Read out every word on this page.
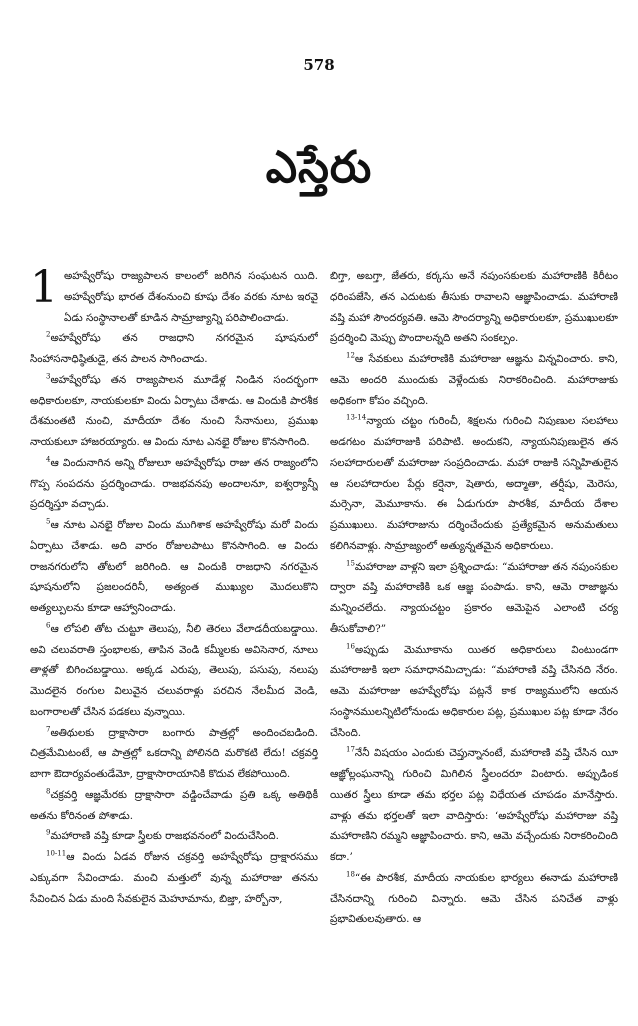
578
ఎస్తేరు

1 అహష్వేరోషు రాజ్యపాలన కాలంలో జరిగిన సంఘటన యిది. అహష్వేరోషు భారత దేశంనుంచి కూషు దేశం వరకు నూట ఇరవై ఏడు సంస్థానాలతో కూడిన సామ్రాజ్యాన్ని పరిపాలించాడు.

$^2$అహష్వేరోషు తన రాజధాని నగరమైన షూషనులో సింహాసనాధిష్ఠితుడై, తన పాలన సాగించాడు.

$^3$అహష్వేరోషు తన రాజ్యపాలన మూడేళ్ల నిండిన సందర్భంగా అధికారులకూ, నాయకులకూ విందు ఏర్పాటు చేశాడు. ఆ విందుకి పారశీక దేశమంతటి నుంచి, మాదీయా దేశం నుంచి సేనానులు, ప్రముఖ నాయకులూ హాజరయ్యారు. ఆ విందు నూట ఎనభై రోజుల కొనసాగింది.

$^4$ఆ విందునాగిన అన్ని రోజులూ అహష్వేరోషు రాజు తన రాజ్యంలోని గొప్ప సంపదను ప్రదర్శించాడు. రాజభవనపు అందాలనూ, ఐశ్వర్యాన్నీ ప్రదర్శిస్తూ వచ్చాడు.

$^5$ఆ నూట ఎనభై రోజుల విందు ముగిశాక అహష్వేరోషు మరో విందు ఏర్పాటు చేశాడు. అది వారం రోజులపాటు కొనసాగింది. ఆ విందు రాజనగరులోని తోటలో జరిగింది. ఆ విందుకి రాజధాని నగరమైన షూషనులోని ప్రజలందరినీ, అత్యంత ముఖ్యుల మొదలుకొని అత్యల్పులను కూడా ఆహ్వానించాడు.

$^6$ఆ లోపలి తోట చుట్టూ తెలుపు, నీలి తెరలు వేలాడదీయబడ్డాయి. అవి చలువరాతి స్తంభాలకు, తాపిన వెండి కమ్మీలకు అవిసెనార, నూలు తాళ్లతో బిగించబడ్డాయి. అక్కడ ఎరుపు, తెలుపు, పసుపు, నలుపు మొదలైన రంగుల విలువైన చలువరాళ్లు పరచిన నేలమీద వెండి, బంగారాలతో చేసిన పడకలు వున్నాయి.

$^7$అతిథులకు ద్రాక్షాసారా బంగారు పాత్రల్లో అందించబడింది. చిత్రమేమిటంటే, ఆ పాత్రల్లో ఒకదాన్ని పోలినది మరొకటి లేదు! చక్రవర్తి బాగా ఔదార్యవంతుడేమో, ద్రాక్షాసారాయానికి కొదువ లేకపోయింది.

$^8$చక్రవర్తి ఆజ్ఞమేరకు ద్రాక్షాసారా వడ్డించేవాడు ప్రతి ఒక్క అతిథికీ అతను కోరినంత పోశాడు.

$^9$మహారాణి వష్తి కూడా స్త్రీలకు రాజభవనంలో విందుచేసింది.

$^{10-11}$ఆ విందు ఏడవ రోజున చక్రవర్తి అహష్వేరోషు ద్రాక్షారసము ఎక్కువగా సేవించాడు. మంచి మత్తులో వున్న మహారాజు తనను సేవించిన ఏడు మంది సేవకులైన మెహూమాను, బిజ్తా, హర్బోనా,

బిగ్తా, అబగ్తా, జేతరు, కర్కసు అనే నపుంసకులకు మహారాణికి కిరీటం ధరింపజేసి, తన ఎదుటకు తీసుకు రావాలని ఆజ్ఞాపించాడు. మహారాణి వష్తి మహా సౌందర్యవతి. ఆమె సౌందర్యాన్ని అధికారులకూ, ప్రముఖులకూ ప్రదర్శించి మెప్పు పొందాలన్నది అతని సంకల్పం.

$^{12}$ఆ సేవకులు మహారాణికి మహారాజు ఆజ్ఞను విన్నవించారు. కాని, ఆమె అందరి ముందుకు వెళ్లేందుకు నిరాకరించింది. మహారాజుకు అధికంగా కోపం వచ్చింది.

$^{13-14}$న్యాయ చట్టం గురించీ, శిక్షలను గురించి నిపుణుల సలహాలు అడగటం మహారాజుకి పరిపాటి. అందుకని, న్యాయనిపుణులైన తన సలహాదారులతో మహారాజు సంప్రదించాడు. మహా రాజుకి సన్నిహితులైన ఆ సలహాదారుల పేర్లు కర్షెనా, షెతారు, అద్మాతా, తర్షీషు, మెరెసు, మర్సెనా, మెమూకాను. ఈ ఏడుగురూ పారశీక, మాదీయ దేశాల ప్రముఖులు. మహారాజును దర్శించేందుకు ప్రత్యేకమైన అనుమతులు కలిగినవాళ్లు. సామ్రాజ్యంలో అత్యున్నతమైన అధికారులు.

$^{15}$మహారాజు వాళ్లని ఇలా ప్రశ్నించాడు: “మహారాజు తన నపుంసకుల ద్వారా వష్తి మహారాణికి ఒక ఆజ్ఞ పంపాడు. కాని, ఆమె రాజాజ్ఞను మన్నించలేదు. న్యాయచట్టం ప్రకారం ఆమెపైన ఎలాంటి చర్య తీసుకోవాలి?”

$^{16}$అప్పుడు మెమూకాను యితర అధికారులు వింటుండగా మహారాజుకి ఇలా సమాధానమిచ్చాడు: “మహారాణి వష్తి చేసినది నేరం. ఆమె మహారాజు అహష్వేరోషు పట్లనే కాక రాజ్యములోని ఆయన సంస్థానములన్నిటిలోనుండు అధికారుల పట్ల, ప్రముఖుల పట్ల కూడా నేరం చేసింది.

$^{17}$నేనీ విషయం ఎందుకు చెప్తున్నానంటే, మహారాణి వష్తి చేసిన యీ ఆజ్ఞోల్లంఘనాన్ని గురించి మిగిలిన స్త్రీలందరూ వింటారు. అప్పుడింక యితర స్త్రీలు కూడా తమ భర్తల పట్ల విధేయత చూపడం మానేస్తారు. వాళ్లు తమ భర్తలతో ఇలా వాదిస్తారు: ‘అహష్వేరోషు మహారాజు వష్తి మహారాణిని రమ్మని ఆజ్ఞాపించారు. కాని, ఆమె వచ్చేందుకు నిరాకరించింది కదా.’

$^{18}$“ఈ పారశీక, మాదీయ నాయకుల భార్యలు ఈనాడు మహారాణి చేసినదాన్ని గురించి విన్నారు. ఆమె చేసిన పనిచేత వాళ్లు ప్రభావితులవుతారు. ఆ
